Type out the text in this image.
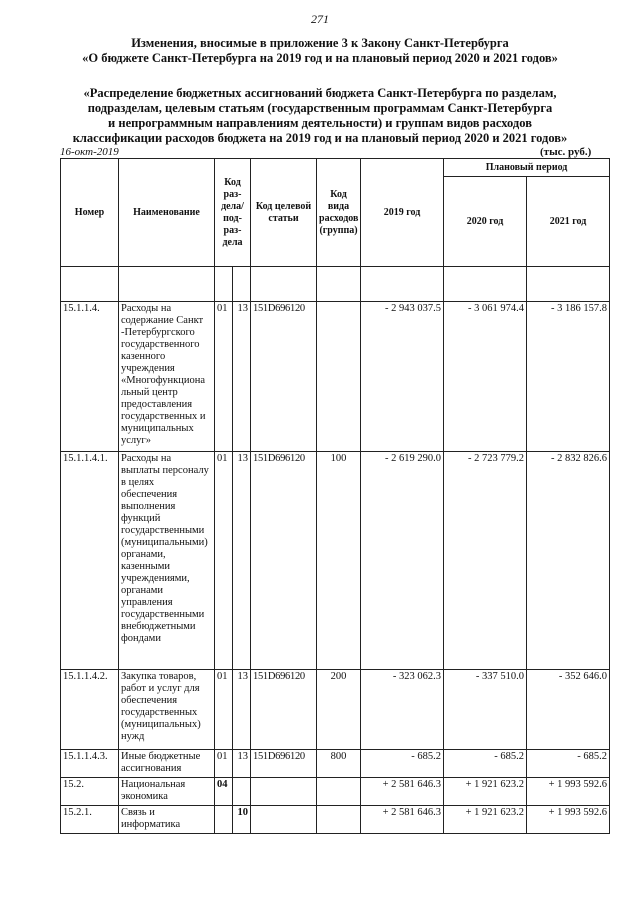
271
Изменения, вносимые в приложение 3 к Закону Санкт-Петербурга
«О бюджете Санкт-Петербурга на 2019 год и на плановый период 2020 и 2021 годов»
«Распределение бюджетных ассигнований бюджета Санкт-Петербурга по разделам,
подразделам, целевым статьям (государственным программам Санкт-Петербурга
и непрограммным направлениям деятельности) и группам видов расходов
классификации расходов бюджета на 2019 год и на плановый период 2020 и 2021 годов»
16-окт-2019	(тыс. руб.)
Номер	Наименование	Код раз- дела/ под- раз- дела		Код целевой статьи	Код вида расходов (группа)	2019 год	Плановый период	
							2020 год	2021 год

15.1.1.4.	Расходы на содержание Санкт -Петербургского государственного казенного учреждения «Многофункциона льный центр предоставления государственных и муниципальных услуг»	01	13	151D696120		- 2 943 037.5	- 3 061 974.4	- 3 186 157.8
15.1.1.4.1.	Расходы на выплаты персоналу в целях обеспечения выполнения функций государственными (муниципальными) органами, казенными учреждениями, органами управления государственными внебюджетными фондами	01	13	151D696120	100	- 2 619 290.0	- 2 723 779.2	- 2 832 826.6
15.1.1.4.2.	Закупка товаров, работ и услуг для обеспечения государственных (муниципальных) нужд	01	13	151D696120	200	- 323 062.3	- 337 510.0	- 352 646.0
15.1.1.4.3.	Иные бюджетные ассигнования	01	13	151D696120	800	- 685.2	- 685.2	- 685.2
15.2.	Национальная экономика	04				+ 2 581 646.3	+ 1 921 623.2	+ 1 993 592.6
15.2.1.	Связь и информатика		10			+ 2 581 646.3	+ 1 921 623.2	+ 1 993 592.6
